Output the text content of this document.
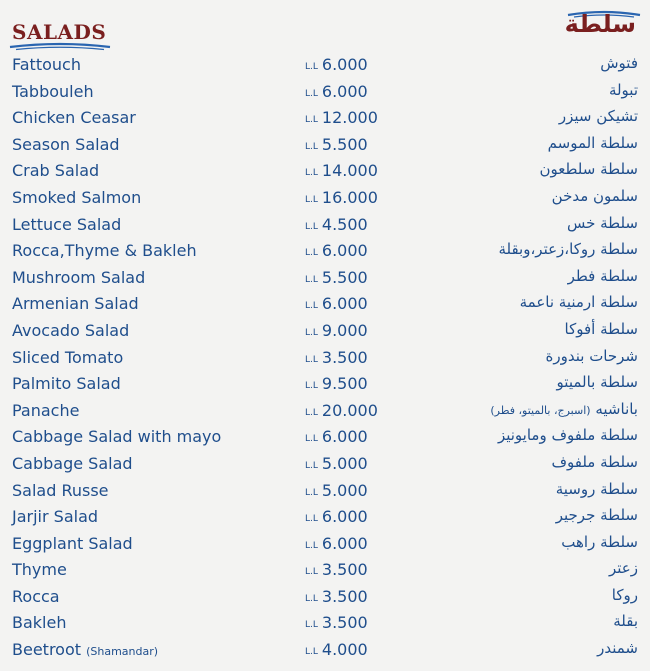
SALADS	سلطة
Fattouch	L.L 6.000	فتوش
Tabbouleh	L.L 6.000	تبولة
Chicken Ceasar	L.L 12.000	تشيكن سيزر
Season Salad	L.L 5.500	سلطة الموسم
Crab Salad	L.L 14.000	سلطة سلطعون
Smoked Salmon	L.L 16.000	سلمون مدخن
Lettuce Salad	L.L 4.500	سلطة خس
Rocca,Thyme & Bakleh	L.L 6.000	سلطة روكا،زعتر،وبقلة
Mushroom Salad	L.L 5.500	سلطة فطر
Armenian Salad	L.L 6.000	سلطة ارمنية ناعمة
Avocado Salad	L.L 9.000	سلطة أفوكا
Sliced Tomato	L.L 3.500	شرحات بندورة
Palmito Salad	L.L 9.500	سلطة بالميتو
Panache	L.L 20.000	باناشيه (اسبرج، بالميتو، فطر)
Cabbage Salad with mayo	L.L 6.000	سلطة ملفوف ومايونيز
Cabbage Salad	L.L 5.000	سلطة ملفوف
Salad Russe	L.L 5.000	سلطة روسية
Jarjir Salad	L.L 6.000	سلطة جرجير
Eggplant Salad	L.L 6.000	سلطة راهب
Thyme	L.L 3.500	زعتر
Rocca	L.L 3.500	روكا
Bakleh	L.L 3.500	بقلة
Beetroot (Shamandar)	L.L 4.000	شمندر
